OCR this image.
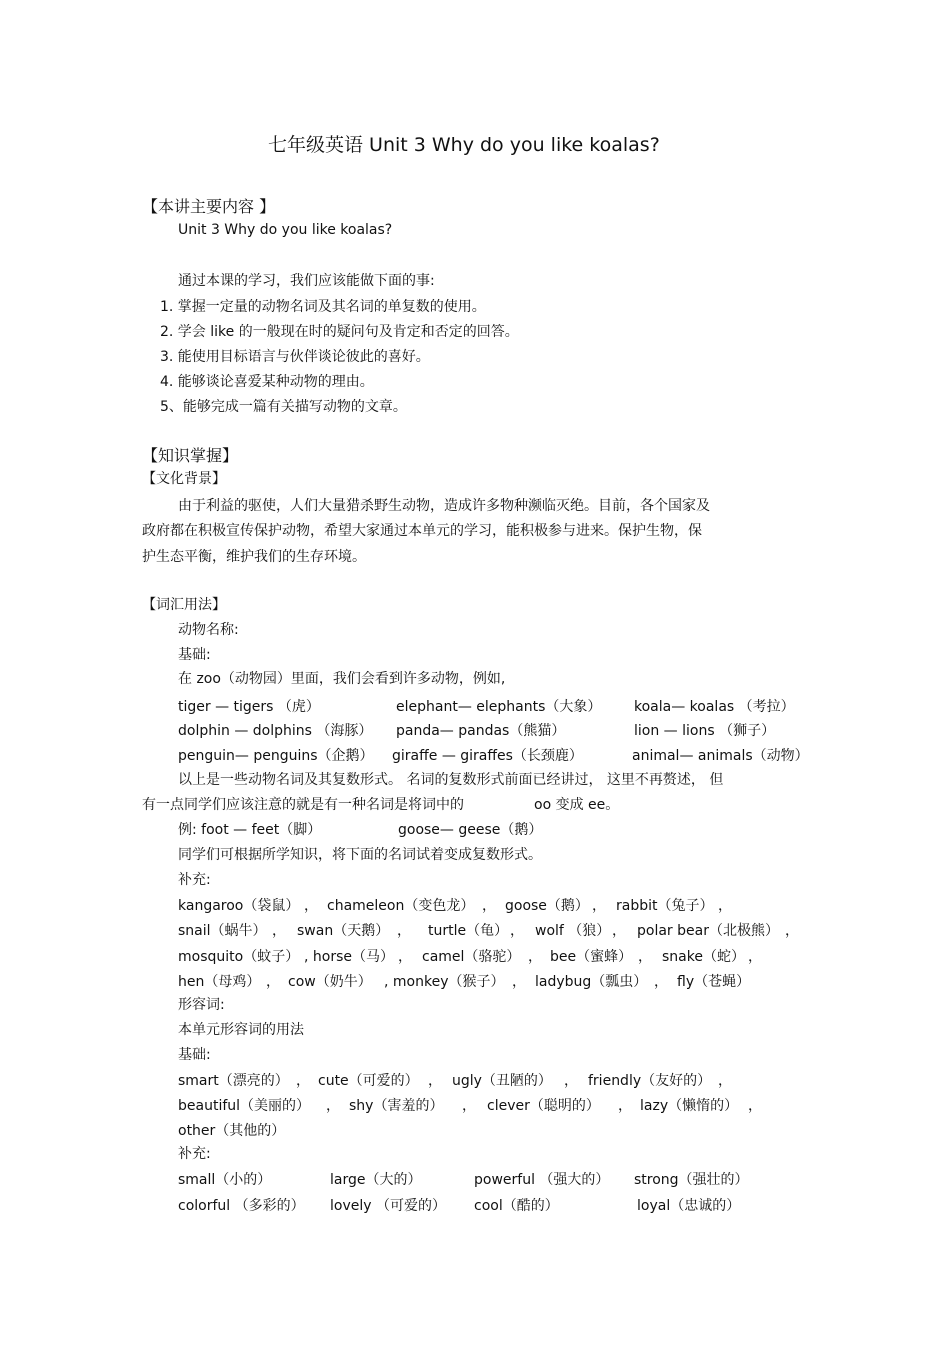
七年级英语 Unit 3 Why do you like koalas?
【本讲主要内容 】
Unit 3 Why do you like koalas?
通过本课的学习，我们应该能做下面的事:
1. 掌握一定量的动物名词及其名词的单复数的使用。
2. 学会 like 的一般现在时的疑问句及肯定和否定的回答。
3. 能使用目标语言与伙伴谈论彼此的喜好。
4. 能够谈论喜爱某种动物的理由。
5、能够完成一篇有关描写动物的文章。
【知识掌握】
【文化背景】
由于利益的驱使，人们大量猎杀野生动物，造成许多物种濒临灭绝。目前，各个国家及
政府都在积极宣传保护动物，希望大家通过本单元的学习，能积极参与进来。保护生物，保
护生态平衡，维护我们的生存环境。
【词汇用法】
动物名称:
基础:
在 zoo（动物园）里面，我们会看到许多动物，例如,
tiger — tigers （虎）	elephant— elephants（大象） koala— koalas （考拉）
dolphin — dolphins （海豚） panda— pandas（熊猫）	lion — lions （狮子）
penguin— penguins（企鹅） giraffe — giraffes（长颈鹿）	animal— animals（动物）
以上是一些动物名词及其复数形式。 名词的复数形式前面已经讲过， 这里不再赘述， 但
有一点同学们应该注意的就是有一种名词是将词中的	oo 变成 ee。
例: foot — feet（脚）	goose— geese（鹅）
同学们可根据所学知识，将下面的名词试着变成复数形式。
补充:
kangaroo（袋鼠） ， chameleon（变色龙） ， goose（鹅） ， rabbit（兔子） ，
snail（蜗牛） ， swan（天鹅） ， turtle（龟） ， wolf （狼） ， polar bear（北极熊） ，
mosquito（蚊子） , horse（马） ， camel（骆驼） ， bee（蜜蜂） ， snake（蛇） ，
hen（母鸡） ， cow（奶牛） , monkey（猴子） ， ladybug（瓢虫） ， fly（苍蝇）
形容词:
本单元形容词的用法
基础:
smart（漂亮的） ， cute（可爱的） ， ugly（丑陋的） ， friendly（友好的） ，
beautiful（美丽的） ， shy（害羞的） ， clever（聪明的） ， lazy（懒惰的） ，
other（其他的）
补充:
small（小的）	large（大的）	powerful （强大的） strong（强壮的）
colorful （多彩的） lovely （可爱的） cool（酷的）	loyal（忠诚的）
